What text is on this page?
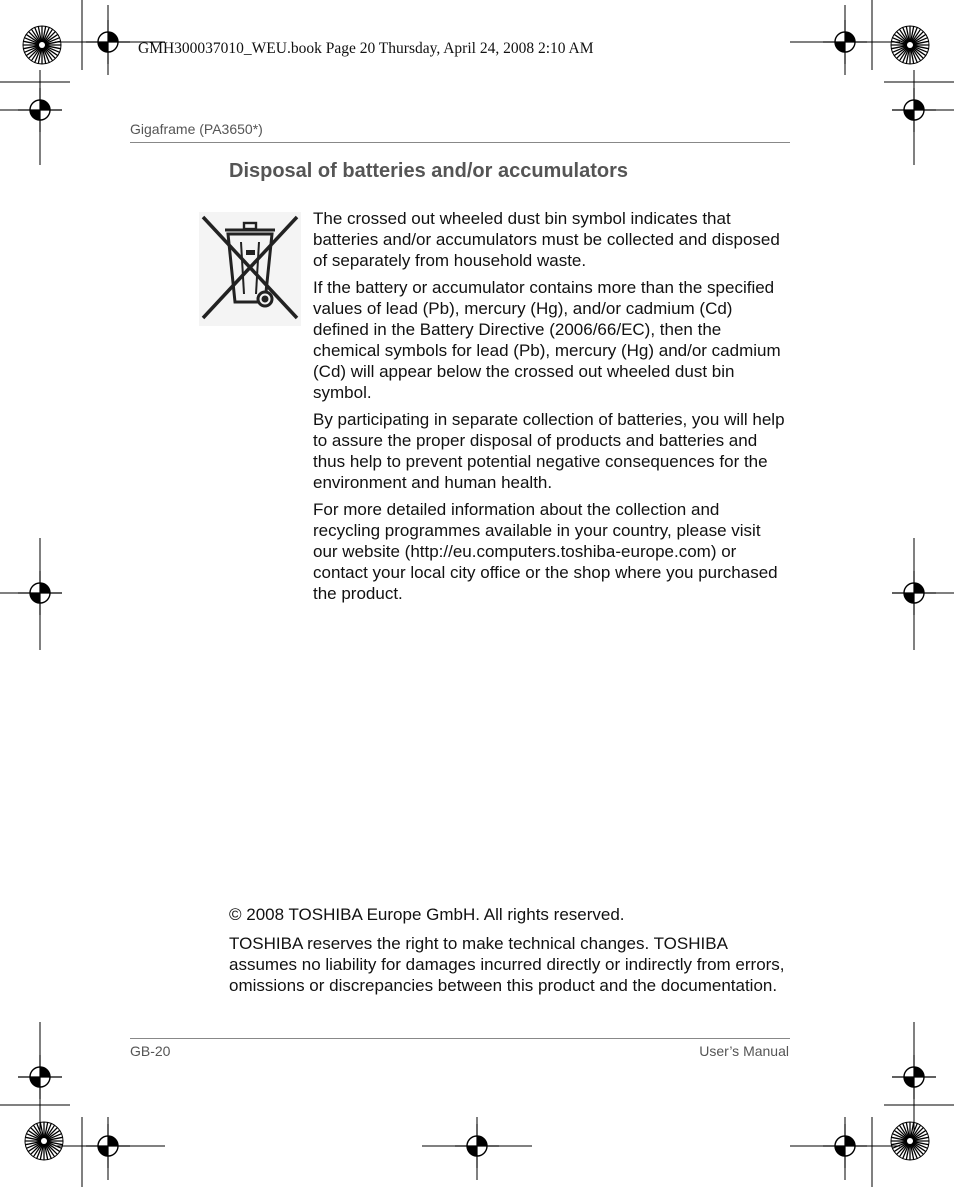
GMH300037010_WEU.book Page 20 Thursday, April 24, 2008 2:10 AM
Gigaframe (PA3650*)
Disposal of batteries and/or accumulators

The crossed out wheeled dust bin symbol indicates that batteries and/or accumulators must be collected and disposed of separately from household waste.

If the battery or accumulator contains more than the specified values of lead (Pb), mercury (Hg), and/or cadmium (Cd) defined in the Battery Directive (2006/66/EC), then the chemical symbols for lead (Pb), mercury (Hg) and/or cadmium (Cd) will appear below the crossed out wheeled dust bin symbol.

By participating in separate collection of batteries, you will help to assure the proper disposal of products and batteries and thus help to prevent potential negative consequences for the environment and human health.

For more detailed information about the collection and recycling programmes available in your country, please visit our website (http://eu.computers.toshiba-europe.com) or contact your local city office or the shop where you purchased the product.

© 2008 TOSHIBA Europe GmbH. All rights reserved.

TOSHIBA reserves the right to make technical changes. TOSHIBA assumes no liability for damages incurred directly or indirectly from errors, omissions or discrepancies between this product and the documentation.

GB-20	User’s Manual
